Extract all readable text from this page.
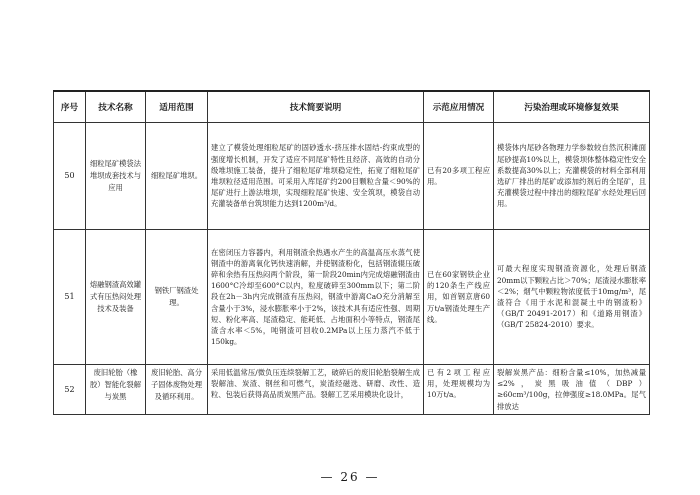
序号	技术名称	适用范围	技术简要说明	示范应用情况	污染治理或环境修复效果
50	细粒尾矿模袋法堆坝成套技术与应用	细粒尾矿堆坝。	建立了模袋处理细粒尾矿的固砂透水-挤压排水固结-约束成型的强度增长机制，开发了适应不同尾矿特性且经济、高效的自动分级堆坝施工装备，提升了细粒尾矿堆坝稳定性，拓宽了细粒尾矿堆坝粒径适用范围。可采用入库尾矿约200目颗粒含量＜90%的尾矿进行上游法堆坝，实现细粒尾矿快速、安全筑坝，模袋自动充灌装备单台筑坝能力达到1200m³/d。	已有20多项工程应用。	模袋体内尾砂各物理力学参数较自然沉积滩面尾砂提高10%以上，模袋坝体整体稳定性安全系数提高30%以上；充灌模袋的材料全部利用选矿厂排出的尾矿或添加约剂后的全尾矿，且充灌模袋过程中排出的细粒尾矿水经处理后回用。
51	熔融钢渣高效罐式有压热闷处理技术及装备	钢铁厂钢渣处理。	在密闭压力容器内，利用钢渣余热遇水产生的高温高压水蒸气使钢渣中的游离氧化钙快速消解，并使钢渣粉化，包括钢渣辊压破碎和余热有压热闷两个阶段，第一阶段20min内完成熔融钢渣由1600°C冷却至600°C以内，粒度破碎至300mm以下；第二阶段在2h－3h内完成钢渣有压热闷，钢渣中游离CaO充分消解至含量小于3%，浸水膨胀率小于2%，该技术具有适应性强、周期短、粉化率高、尾渣稳定、能耗低、占地面积小等特点，钢渣尾渣含水率＜5%，吨钢渣可回收0.2MPa以上压力蒸汽不低于150kg。	已在60家钢铁企业的120条生产线应用，如首钢京唐60万t/a钢渣处理生产线。	可最大程度实现钢渣资源化，处理后钢渣20mm以下颗粒占比＞70%；尾渣浸水膨胀率＜2%；烟气中颗粒物浓度低于10mg/m³，尾渣符合《用于水泥和混凝土中的钢渣粉》（GB/T 20491-2017）和《道路用钢渣》（GB/T 25824-2010）要求。
52	废旧轮胎（橡胶）智能化裂解与炭黑	废旧轮胎、高分子固体废物处理及循环利用。	采用低温常压/微负压连续裂解工艺，破碎后的废旧轮胎裂解生成裂解油、炭渣、钢丝和可燃气，炭渣经磁选、研磨、改性、造粒、包装后获得高品质炭黑产品。裂解工艺采用模块化设计，	已有2项工程应用，处理规模均为10万t/a。	裂解炭黑产品：细粉含量≤10%，加热减量≤2%，炭黑吸油值（DBP）≥60cm³/100g，拉伸强度≥18.0MPa。尾气排放达
— 26 —
